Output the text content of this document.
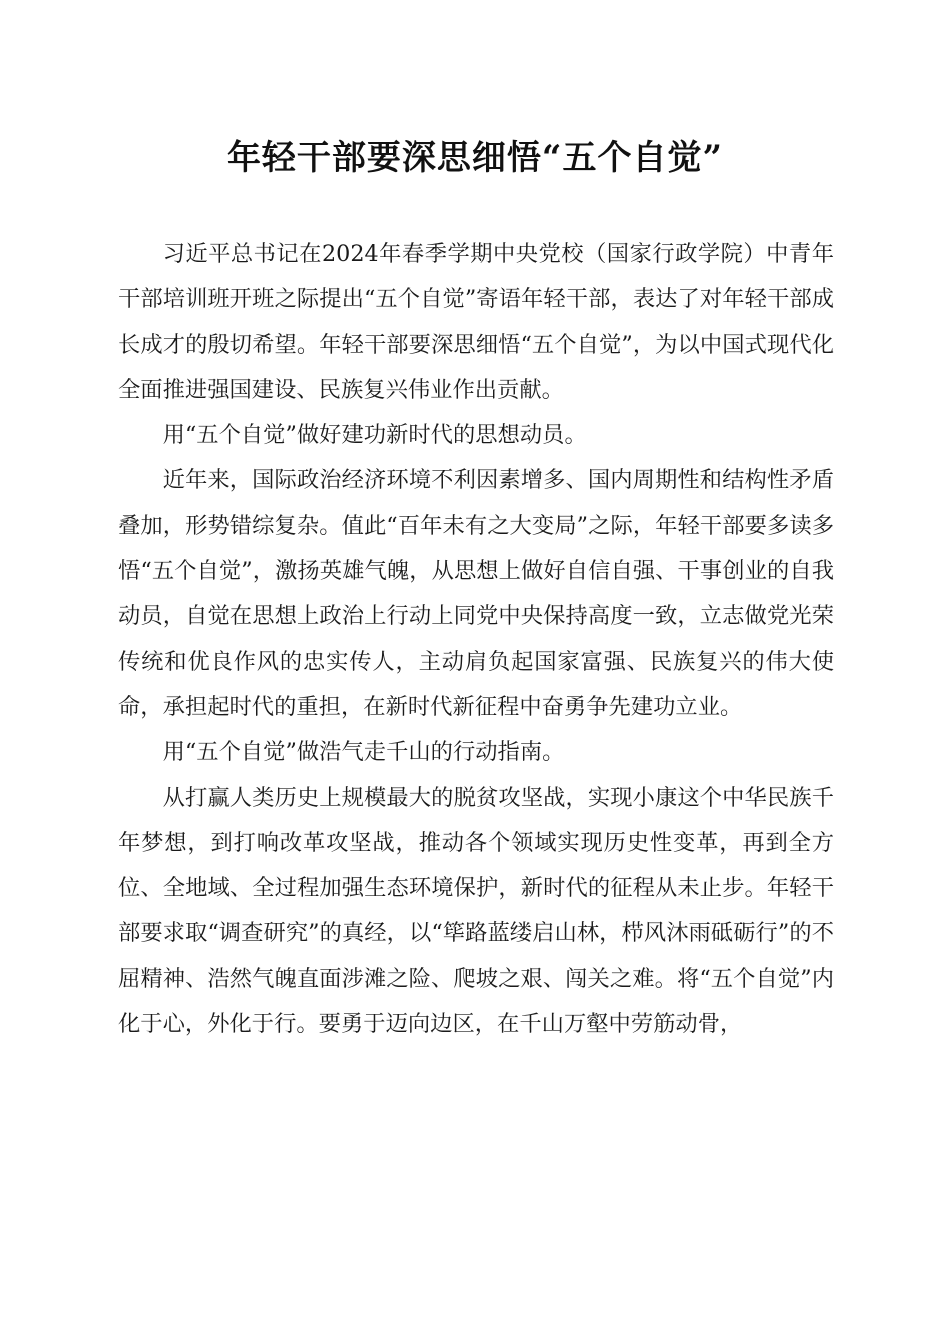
年轻干部要深思细悟“五个自觉”

习近平总书记在2024年春季学期中央党校（国家行政学院）中青年干部培训班开班之际提出“五个自觉”寄语年轻干部，表达了对年轻干部成长成才的殷切希望。年轻干部要深思细悟“五个自觉”，为以中国式现代化全面推进强国建设、民族复兴伟业作出贡献。

用“五个自觉”做好建功新时代的思想动员。

近年来，国际政治经济环境不利因素增多、国内周期性和结构性矛盾叠加，形势错综复杂。值此“百年未有之大变局”之际，年轻干部要多读多悟“五个自觉”，激扬英雄气魄，从思想上做好自信自强、干事创业的自我动员，自觉在思想上政治上行动上同党中央保持高度一致，立志做党光荣传统和优良作风的忠实传人，主动肩负起国家富强、民族复兴的伟大使命，承担起时代的重担，在新时代新征程中奋勇争先建功立业。

用“五个自觉”做浩气走千山的行动指南。

从打赢人类历史上规模最大的脱贫攻坚战，实现小康这个中华民族千年梦想，到打响改革攻坚战，推动各个领域实现历史性变革，再到全方位、全地域、全过程加强生态环境保护，新时代的征程从未止步。年轻干部要求取“调查研究”的真经，以“筚路蓝缕启山林，栉风沐雨砥砺行”的不屈精神、浩然气魄直面涉滩之险、爬坡之艰、闯关之难。将“五个自觉”内化于心，外化于行。要勇于迈向边区，在千山万壑中劳筋动骨，
